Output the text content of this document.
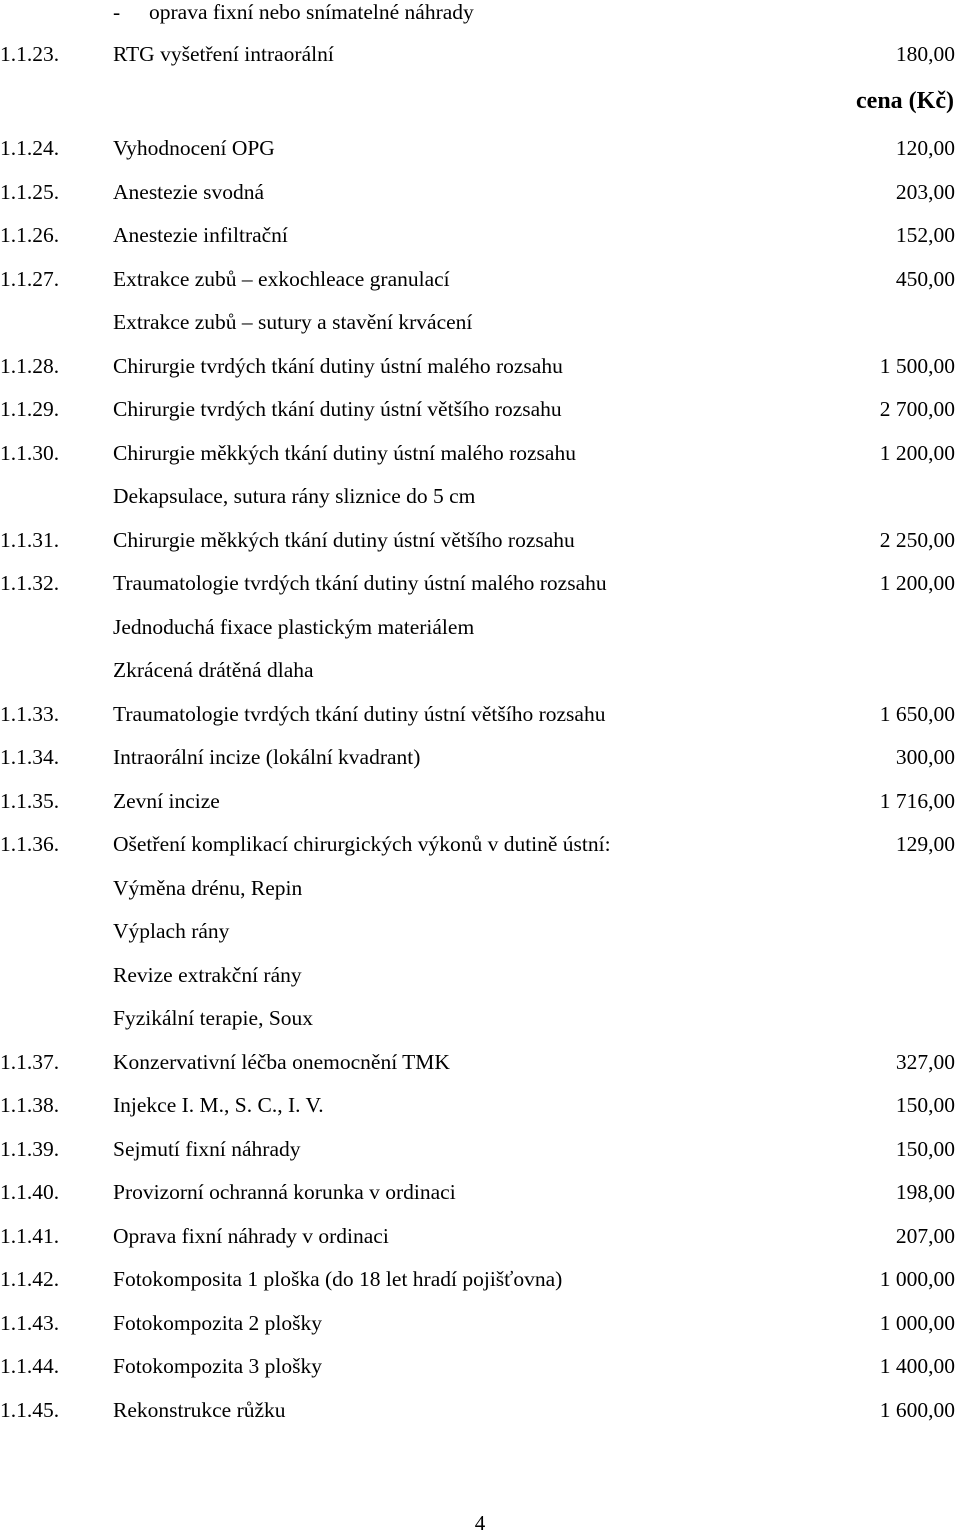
- oprava fixní nebo snímatelné náhrady
1.1.23.	RTG vyšetření intraorální	180,00
cena (Kč)
1.1.24.	Vyhodnocení OPG	120,00
1.1.25.	Anestezie svodná	203,00
1.1.26.	Anestezie infiltrační	152,00
1.1.27.	Extrakce zubů – exkochleace granulací	450,00
Extrakce zubů – sutury a stavění krvácení
1.1.28.	Chirurgie tvrdých tkání dutiny ústní malého rozsahu	1 500,00
1.1.29.	Chirurgie tvrdých tkání dutiny ústní většího rozsahu	2 700,00
1.1.30.	Chirurgie měkkých tkání dutiny ústní malého rozsahu	1 200,00
Dekapsulace, sutura rány sliznice do 5 cm
1.1.31.	Chirurgie měkkých tkání dutiny ústní většího rozsahu	2 250,00
1.1.32.	Traumatologie tvrdých tkání dutiny ústní malého rozsahu	1 200,00
Jednoduchá fixace plastickým materiálem
Zkrácená drátěná dlaha
1.1.33.	Traumatologie tvrdých tkání dutiny ústní většího rozsahu	1 650,00
1.1.34.	Intraorální incize (lokální kvadrant)	300,00
1.1.35.	Zevní incize	1 716,00
1.1.36.	Ošetření komplikací chirurgických výkonů v dutině ústní:	129,00
Výměna drénu, Repin
Výplach rány
Revize extrakční rány
Fyzikální terapie, Soux
1.1.37.	Konzervativní léčba onemocnění TMK	327,00
1.1.38.	Injekce I. M., S. C., I. V.	150,00
1.1.39.	Sejmutí fixní náhrady	150,00
1.1.40.	Provizorní ochranná korunka v ordinaci	198,00
1.1.41.	Oprava fixní náhrady v ordinaci	207,00
1.1.42.	Fotokomposita 1 ploška (do 18 let hradí pojišťovna)	1 000,00
1.1.43.	Fotokompozita 2 plošky	1 000,00
1.1.44.	Fotokompozita 3 plošky	1 400,00
1.1.45.	Rekonstrukce růžku	1 600,00
4
